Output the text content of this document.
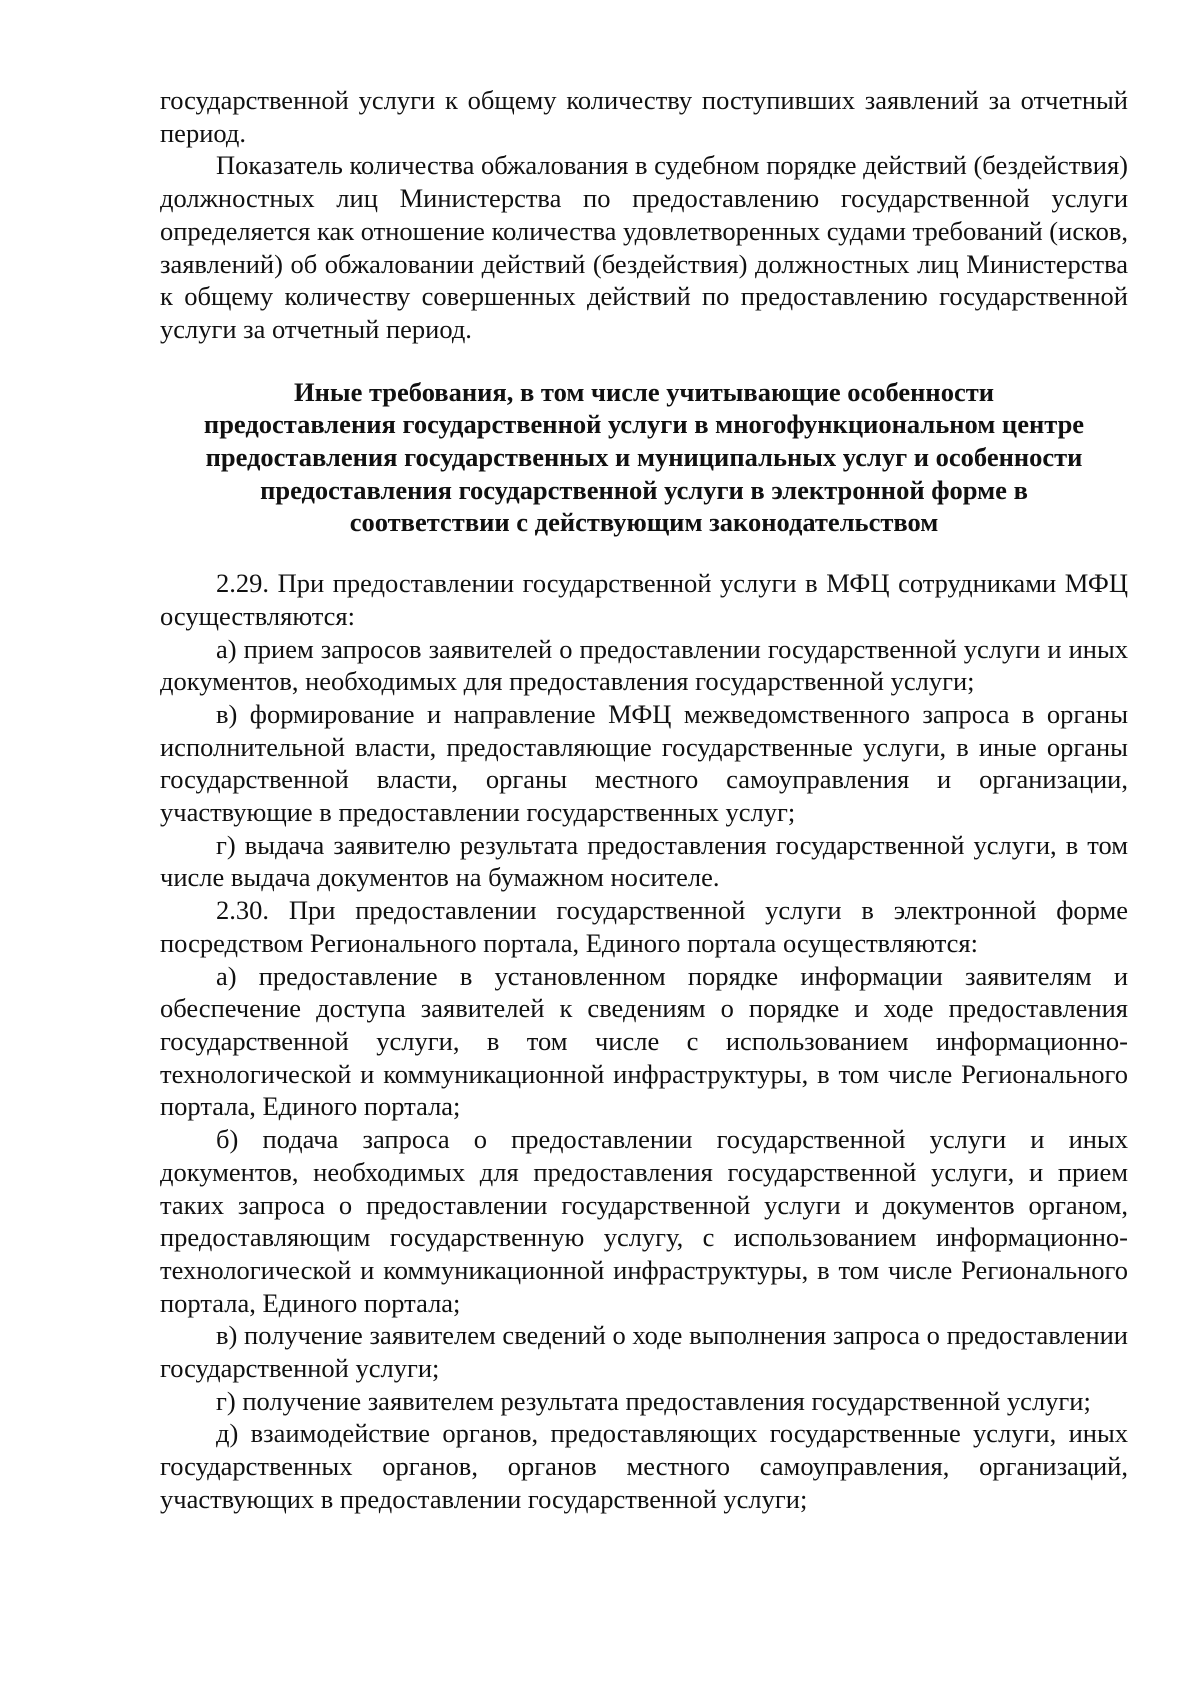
государственной услуги к общему количеству поступивших заявлений за отчетный период.

Показатель количества обжалования в судебном порядке действий (бездействия) должностных лиц Министерства по предоставлению государственной услуги определяется как отношение количества удовлетворенных судами требований (исков, заявлений) об обжаловании действий (бездействия) должностных лиц Министерства к общему количеству совершенных действий по предоставлению государственной услуги за отчетный период.

Иные требования, в том числе учитывающие особенности
предоставления государственной услуги в многофункциональном центре
предоставления государственных и муниципальных услуг и особенности
предоставления государственной услуги в электронной форме в
соответствии с действующим законодательством

2.29. При предоставлении государственной услуги в МФЦ сотрудниками МФЦ осуществляются:

а) прием запросов заявителей о предоставлении государственной услуги и иных документов, необходимых для предоставления государственной услуги;

в) формирование и направление МФЦ межведомственного запроса в органы исполнительной власти, предоставляющие государственные услуги, в иные органы государственной власти, органы местного самоуправления и организации, участвующие в предоставлении государственных услуг;

г) выдача заявителю результата предоставления государственной услуги, в том числе выдача документов на бумажном носителе.

2.30. При предоставлении государственной услуги в электронной форме посредством Регионального портала, Единого портала осуществляются:

а) предоставление в установленном порядке информации заявителям и обеспечение доступа заявителей к сведениям о порядке и ходе предоставления государственной услуги, в том числе с использованием информационно-технологической и коммуникационной инфраструктуры, в том числе Регионального портала, Единого портала;

б) подача запроса о предоставлении государственной услуги и иных документов, необходимых для предоставления государственной услуги, и прием таких запроса о предоставлении государственной услуги и документов органом, предоставляющим государственную услугу, с использованием информационно-технологической и коммуникационной инфраструктуры, в том числе Регионального портала, Единого портала;

в) получение заявителем сведений о ходе выполнения запроса о предоставлении государственной услуги;

г) получение заявителем результата предоставления государственной услуги;

д) взаимодействие органов, предоставляющих государственные услуги, иных государственных органов, органов местного самоуправления, организаций, участвующих в предоставлении государственной услуги;
